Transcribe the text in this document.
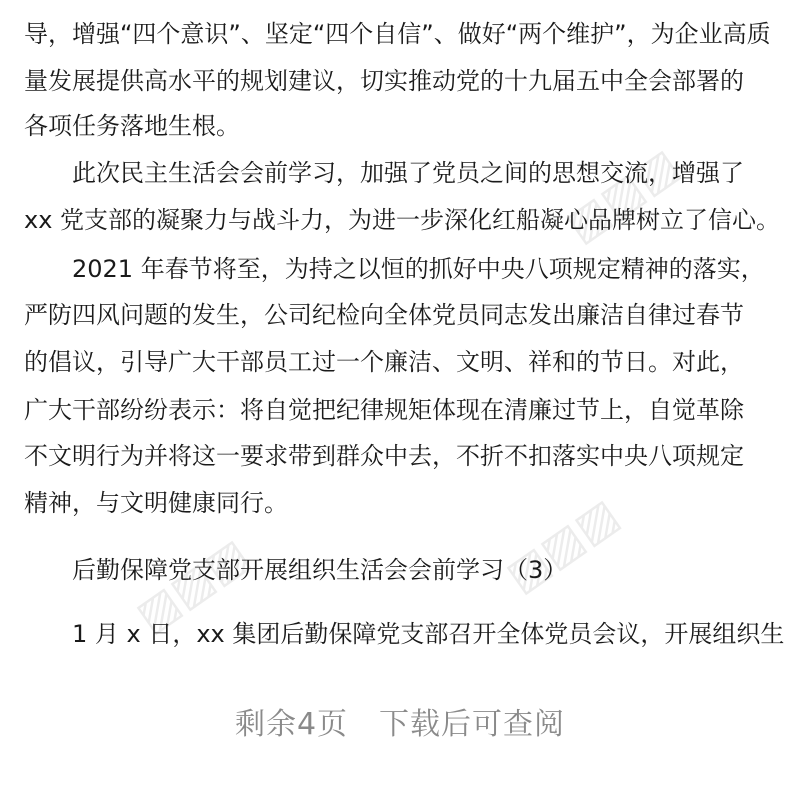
▨▨▨
▨▨▨	▨▨▨
导，增强“四个意识”、坚定“四个自信”、做好“两个维护”，为企业高质
量发展提供高水平的规划建议，切实推动党的十九届五中全会部署的
各项任务落地生根。
此次民主生活会会前学习，加强了党员之间的思想交流，增强了
xx 党支部的凝聚力与战斗力，为进一步深化红船凝心品牌树立了信心。
2021 年春节将至，为持之以恒的抓好中央八项规定精神的落实，
严防四风问题的发生，公司纪检向全体党员同志发出廉洁自律过春节
的倡议，引导广大干部员工过一个廉洁、文明、祥和的节日。对此，
广大干部纷纷表示：将自觉把纪律规矩体现在清廉过节上，自觉革除
不文明行为并将这一要求带到群众中去，不折不扣落实中央八项规定
精神，与文明健康同行。
后勤保障党支部开展组织生活会会前学习（3）
1 月 x 日，xx 集团后勤保障党支部召开全体党员会议，开展组织生
剩余4页　下载后可查阅
